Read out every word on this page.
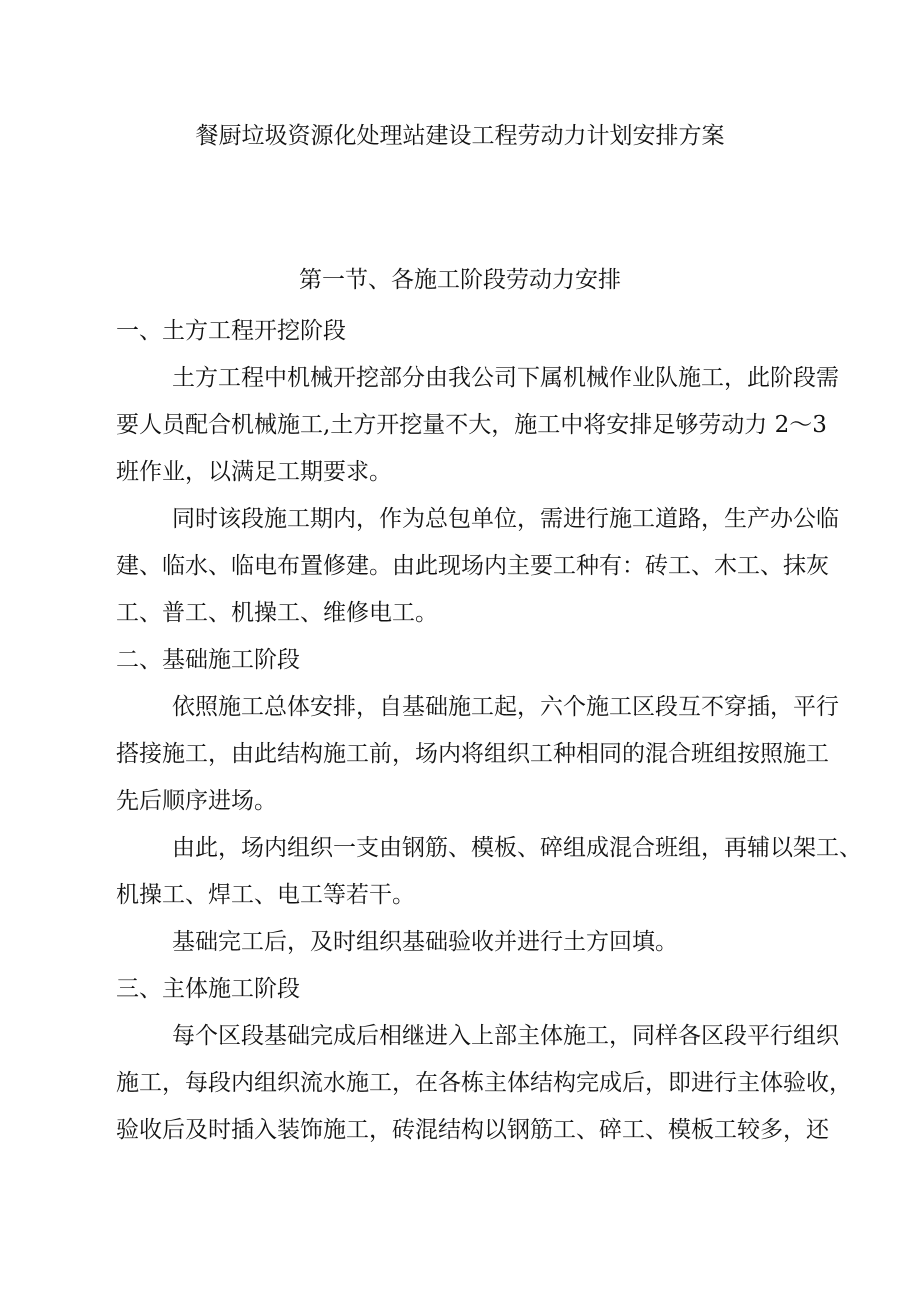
餐厨垃圾资源化处理站建设工程劳动力计划安排方案
第一节、各施工阶段劳动力安排
一、土方工程开挖阶段
土方工程中机械开挖部分由我公司下属机械作业队施工，此阶段需
要人员配合机械施工,土方开挖量不大，施工中将安排足够劳动力 2～3
班作业，以满足工期要求。
同时该段施工期内，作为总包单位，需进行施工道路，生产办公临
建、临水、临电布置修建。由此现场内主要工种有：砖工、木工、抹灰
工、普工、机操工、维修电工。
二、基础施工阶段
依照施工总体安排，自基础施工起，六个施工区段互不穿插，平行
搭接施工，由此结构施工前，场内将组织工种相同的混合班组按照施工
先后顺序进场。
由此，场内组织一支由钢筋、模板、碎组成混合班组，再辅以架工、
机操工、焊工、电工等若干。
基础完工后，及时组织基础验收并进行土方回填。
三、主体施工阶段
每个区段基础完成后相继进入上部主体施工，同样各区段平行组织
施工，每段内组织流水施工，在各栋主体结构完成后，即进行主体验收，
验收后及时插入装饰施工，砖混结构以钢筋工、碎工、模板工较多，还
